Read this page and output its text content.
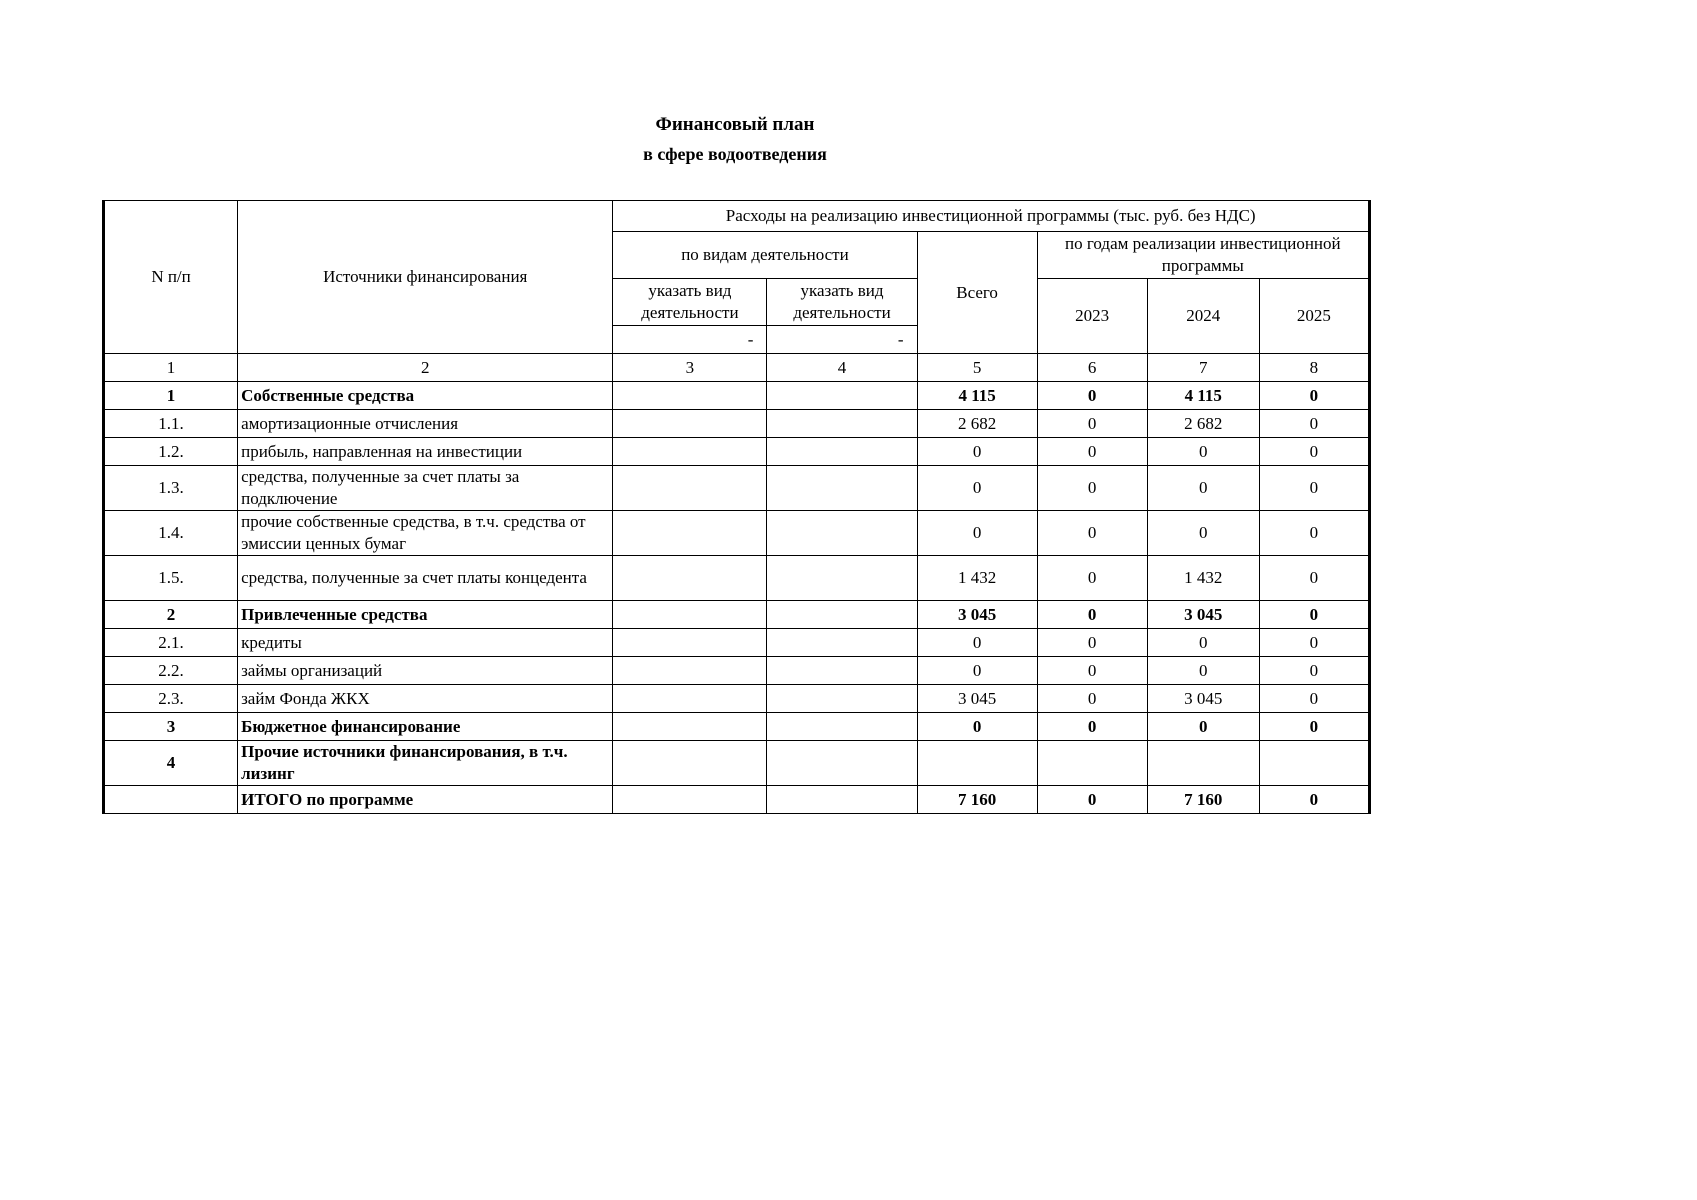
Финансовый план
в сфере водоотведения
N п/п	Источники финансирования	Расходы на реализацию инвестиционной программы (тыс. руб. без НДС)					
		по видам деятельности		Всего	по годам реализации инвестиционной программы		
		указать вид деятельности	указать вид деятельности		2023	2024	2025
		-	-				
1	2	3	4	5	6	7	8
1	Собственные средства			4 115	0	4 115	0
1.1.	амортизационные отчисления			2 682	0	2 682	0
1.2.	прибыль, направленная на инвестиции			0	0	0	0
1.3.	средства, полученные за счет платы за подключение			0	0	0	0
1.4.	прочие собственные средства, в т.ч. средства от эмиссии ценных бумаг			0	0	0	0
1.5.	средства, полученные за счет платы концедента			1 432	0	1 432	0
2	Привлеченные средства			3 045	0	3 045	0
2.1.	кредиты			0	0	0	0
2.2.	займы организаций			0	0	0	0
2.3.	займ Фонда ЖКХ			3 045	0	3 045	0
3	Бюджетное финансирование			0	0	0	0
4	Прочие источники финансирования, в т.ч. лизинг						
	ИТОГО по программе			7 160	0	7 160	0
